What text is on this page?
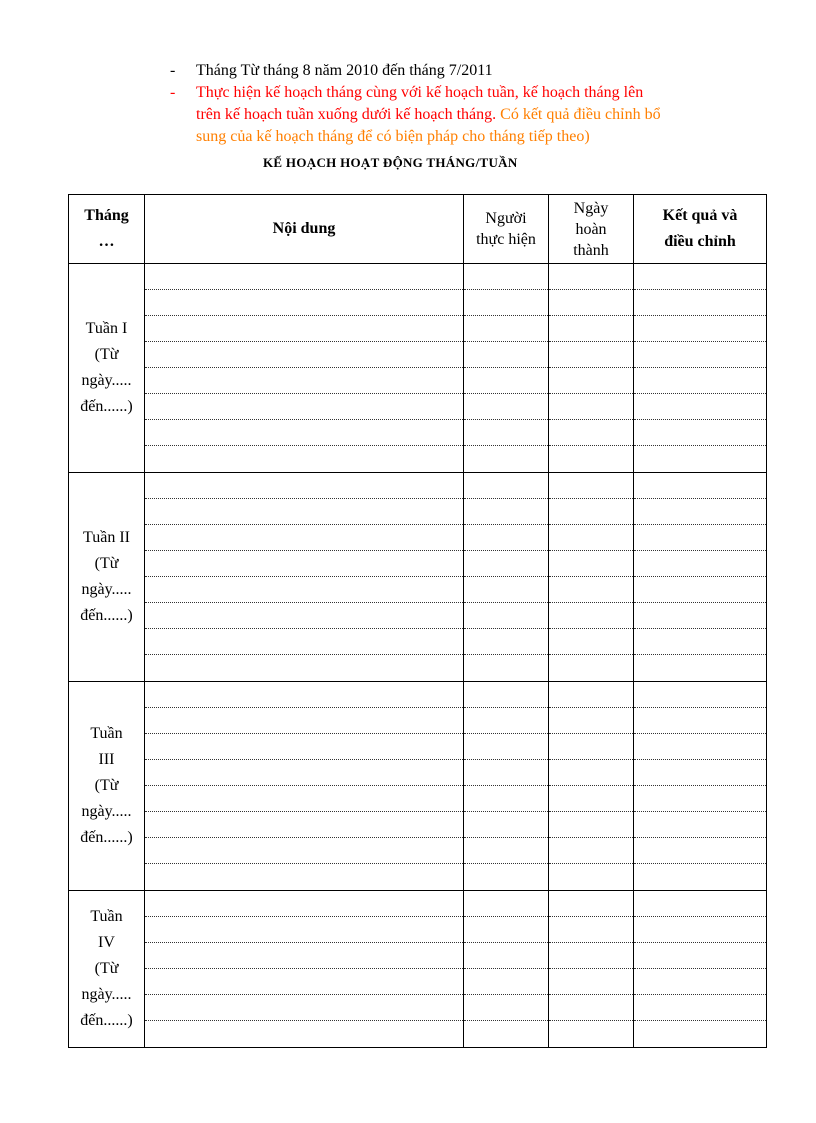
-	Tháng Từ tháng 8 năm 2010 đến tháng 7/2011
-	Thực hiện kế hoạch tháng cùng với kế hoạch tuần, kế hoạch tháng lên
trên kế hoạch tuần xuống dưới kế hoạch tháng. Có kết quả điều chỉnh bổ
sung của kế hoạch tháng để có biện pháp cho tháng tiếp theo)
KẾ HOẠCH HOẠT ĐỘNG THÁNG/TUẦN
Tháng
…	Nội dung	Người
thực hiện	Ngày
hoàn
thành	Kết quả và
điều chỉnh
Tuần I
(Từ
ngày.....
đến......)	

Tuần II
(Từ
ngày.....
đến......)	

Tuần
III
(Từ
ngày.....
đến......)	

Tuần
IV
(Từ
ngày.....
đến......)	
